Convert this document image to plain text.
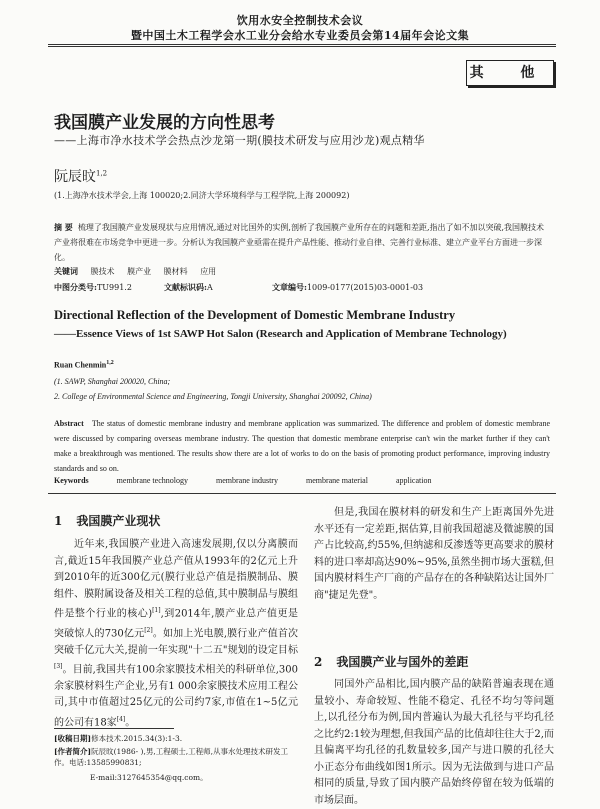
饮用水安全控制技术会议
暨中国土木工程学会水工业分会给水专业委员会第14届年会论文集
其 他
我国膜产业发展的方向性思考
——上海市净水技术学会热点沙龙第一期(膜技术研发与应用沙龙)观点精华
阮辰旼$^{1,2}$
(1.上海净水技术学会,上海 100020;2.同济大学环境科学与工程学院,上海 200092)
摘 要 梳理了我国膜产业发展现状与应用情况,通过对比国外的实例,剖析了我国膜产业所存在的问题和差距,指出了如不加以突破,我国膜技术产业将很难在市场竞争中更进一步。分析认为我国膜产业亟需在提升产品性能、推动行业自律、完善行业标准、建立产业平台方面进一步深化。
关键词 膜技术 膜产业 膜材料 应用
中图分类号:TU991.2	文献标识码:A	文章编号:1009-0177(2015)03-0001-03
Directional Reflection of the Development of Domestic Membrane Industry
——Essence Views of 1st SAWP Hot Salon (Research and Application of Membrane Technology)
Ruan Chenmin$^{1,2}$
(1. SAWP, Shanghai 200020, China;
2. College of Environmental Science and Engineering, Tongji University, Shanghai 200092, China)
Abstract The status of domestic membrane industry and membrane application was summarized. The difference and problem of domestic membrane were discussed by comparing overseas membrane industry. The question that domestic membrane enterprise can't win the market further if they can't make a breakthrough was mentioned. The results show there are a lot of works to do on the basis of promoting product performance, improving industry standards and so on.
Keywords	membrane technology	membrane industry	membrane material	application
1 我国膜产业现状
近年来,我国膜产业进入高速发展期,仅以分离膜而言,截近15年我国膜产业总产值从1993年的2亿元上升到2010年的近300亿元(膜行业总产值是指膜制品、膜组件、膜附属设备及相关工程的总值,其中膜制品与膜组件是整个行业的核心)[1],到2014年,膜产业总产值更是突破惊人的730亿元[2]。如加上光电膜,膜行业产值首次突破千亿元大关,提前一年实现"十二五"规划的设定目标[3]。目前,我国共有100余家膜技术相关的科研单位,300余家膜材料生产企业,另有1 000余家膜技术应用工程公司,其中市值超过25亿元的公司约7家,市值在1~5亿元的公司有18家[4]。
但是,我国在膜材料的研发和生产上距离国外先进水平还有一定差距,据估算,目前我国超滤及微滤膜的国产占比较高,约55%,但纳滤和反渗透等更高要求的膜材料的进口率却高达90%~95%,虽然坐拥市场大蛋糕,但国内膜材料生产厂商的产品存在的各种缺陷达让国外厂商"捷足先登"。
2 我国膜产业与国外的差距
同国外产品相比,国内膜产品的缺陷普遍表现在通量较小、寿命较短、性能不稳定、孔径不均匀等问题上,以孔径分布为例,国内普遍认为最大孔径与平均孔径之比约2:1较为理想,但我国产品的比值却往往大于2,而且偏离平均孔径的孔数量较多,国产与进口膜的孔径大小正态分布曲线如图1所示。因为无法做到与进口产品相同的质量,导致了国内膜产品始终停留在较为低端的市场层面。
[收稿日期]修本技术.2015.34(3):1-3.
[作者简介]阮辰旼(1986- ),男,工程硕士,工程师,从事水处理技术研发工作。电话:13585990831;
E-mail:3127645354@qq.com。
